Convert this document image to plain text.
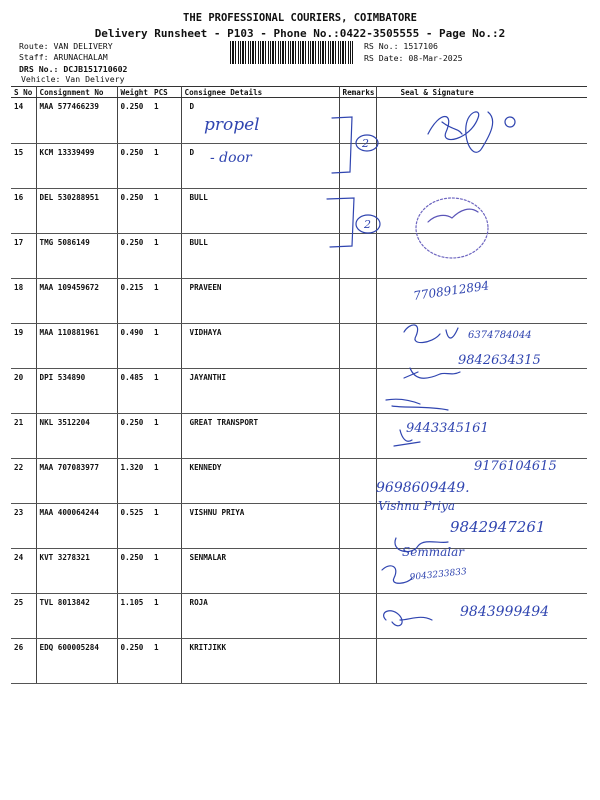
THE PROFESSIONAL COURIERS, COIMBATORE
Delivery Runsheet - P103 - Phone No.:0422-3505555 - Page No.:2
Route: VAN DELIVERY
Staff: ARUNACHALAM
DRS No.: DCJB151710602
Vehicle: Van Delivery
RS No.: 1517106
RS Date: 08-Mar-2025
S No	Consignment No	Weight	PCS	Consignee Details	Remarks	Seal & Signature
14	MAA 577466239	0.250	1	D		
15	KCM 13339499	0.250	1	D		
16	DEL 530288951	0.250	1	BULL		
17	TMG 5086149	0.250	1	BULL		
18	MAA 109459672	0.215	1	PRAVEEN		
19	MAA 110881961	0.490	1	VIDHAYA		
20	DPI 534890	0.485	1	JAYANTHI		
21	NKL 3512204	0.250	1	GREAT TRANSPORT		
22	MAA 707083977	1.320	1	KENNEDY		
23	MAA 400064244	0.525	1	VISHNU PRIYA		
24	KVT 3278321	0.250	1	SENMALAR		
25	TVL 8013842	1.105	1	ROJA		
26	EDQ 600005284	0.250	1	KRITJIKK		
propel
- door
2
2
7708912894
6374784044
9842634315
9443345161
9176104615
9698609449.
Vishnu Priya
9842947261
Semmalar
9043233833
9843999494
